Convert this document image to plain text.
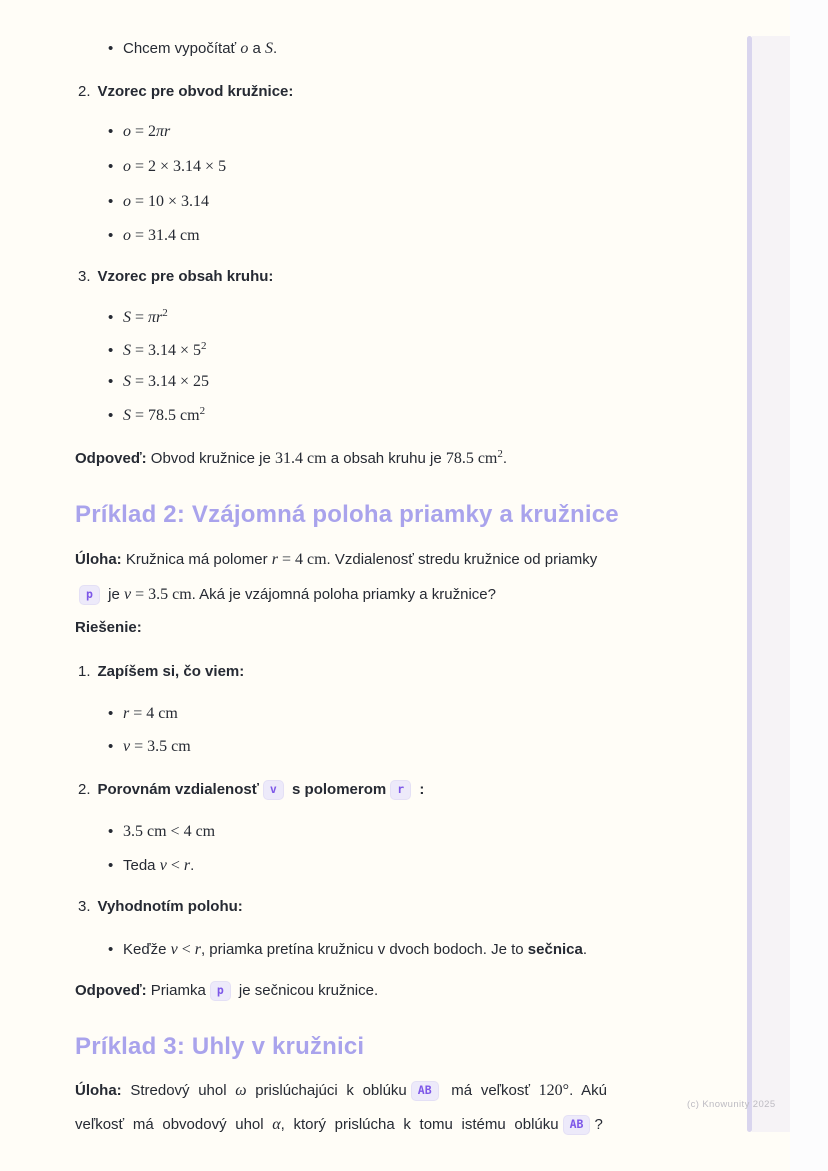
• Chcem vypočítať o a S.
2. Vzorec pre obvod kružnice:
• o = 2πr
• o = 2 × 3.14 × 5
• o = 10 × 3.14
• o = 31.4 cm
3. Vzorec pre obsah kruhu:
• $S = \pi r^2$
• $S = 3.14 \times 5^2$
• S = 3.14 × 25
• S = 78.5 $cm^2$
Odpoveď: Obvod kružnice je 31.4 cm a obsah kruhu je 78.5 $cm^2$.
Príklad 2: Vzájomná poloha priamky a kružnice
Úloha: Kružnica má polomer r = 4 cm. Vzdialenosť stredu kružnice od priamky
p je v = 3.5 cm. Aká je vzájomná poloha priamky a kružnice?
Riešenie:
1. Zapíšem si, čo viem:
• r = 4 cm
• v = 3.5 cm
2. Porovnám vzdialenosť v s polomerom r :
• 3.5 cm < 4 cm
• Teda v < r.
3. Vyhodnotím polohu:
• Keďže v < r, priamka pretína kružnicu v dvoch bodoch. Je to sečnica.
Odpoveď: Priamka p je sečnicou kružnice.
Príklad 3: Uhly v kružnici
Úloha: Stredový uhol ω prislúchajúci k oblúku AB má veľkosť 120°. Akú
veľkosť má obvodový uhol α, ktorý prislúcha k tomu istému oblúku AB ?
(c) Knowunity 2025
